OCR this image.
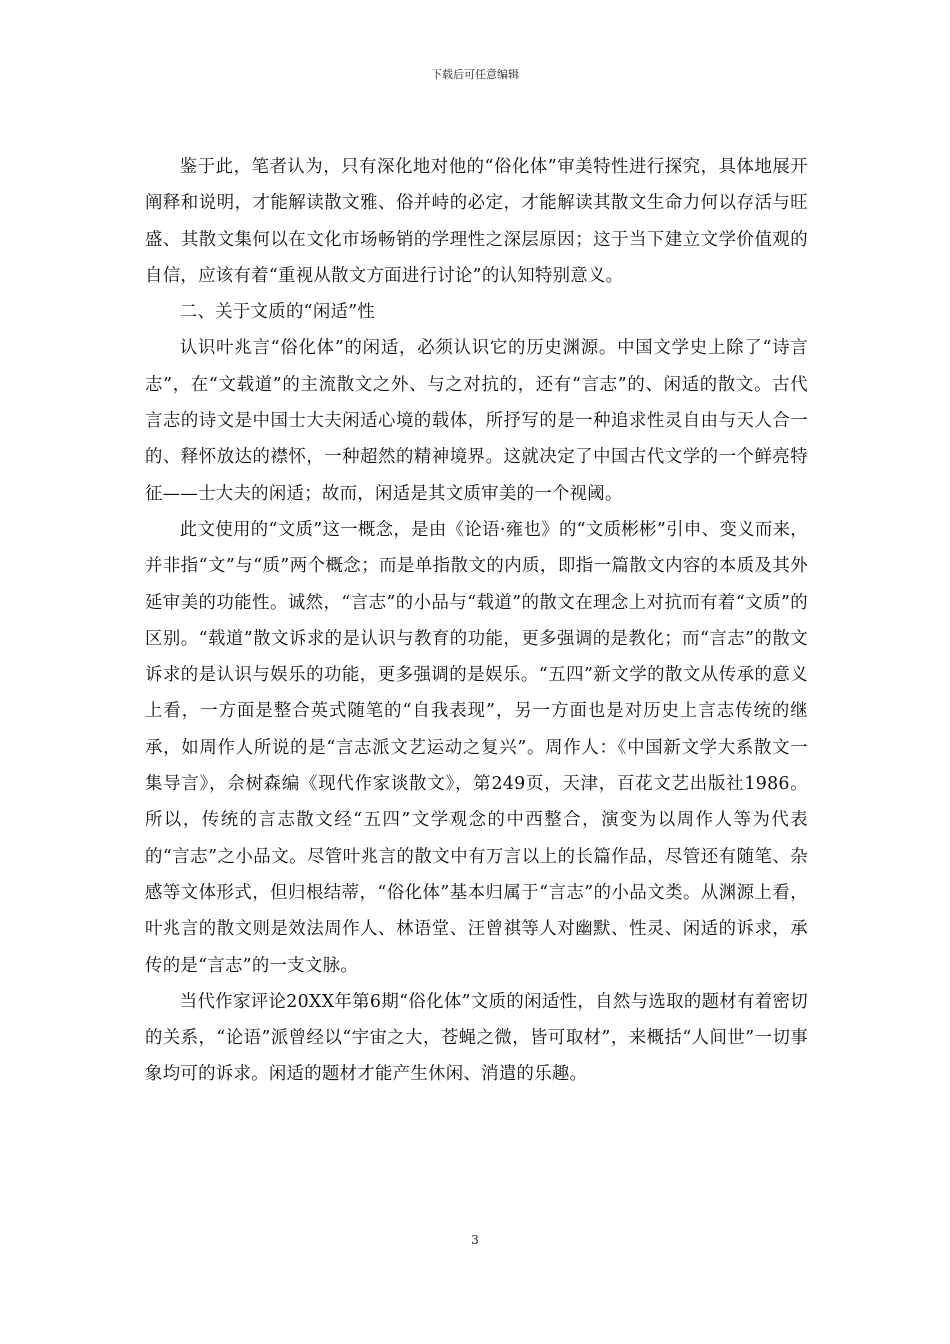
下载后可任意编辑

鉴于此，笔者认为，只有深化地对他的“俗化体”审美特性进行探究，具体地展开阐释和说明，才能解读散文雅、俗并峙的必定，才能解读其散文生命力何以存活与旺盛、其散文集何以在文化市场畅销的学理性之深层原因；这于当下建立文学价值观的自信，应该有着“重视从散文方面进行讨论”的认知特别意义。

二、关于文质的“闲适”性

认识叶兆言“俗化体”的闲适，必须认识它的历史渊源。中国文学史上除了“诗言志”，在“文载道”的主流散文之外、与之对抗的，还有“言志”的、闲适的散文。古代言志的诗文是中国士大夫闲适心境的载体，所抒写的是一种追求性灵自由与天人合一的、释怀放达的襟怀，一种超然的精神境界。这就决定了中国古代文学的一个鲜亮特征——士大夫的闲适；故而，闲适是其文质审美的一个视阈。

此文使用的“文质”这一概念，是由《论语·雍也》的“文质彬彬”引申、变义而来，并非指“文”与“质”两个概念；而是单指散文的内质，即指一篇散文内容的本质及其外延审美的功能性。诚然，“言志”的小品与“载道”的散文在理念上对抗而有着“文质”的区别。“载道”散文诉求的是认识与教育的功能，更多强调的是教化；而“言志”的散文诉求的是认识与娱乐的功能，更多强调的是娱乐。“五四”新文学的散文从传承的意义上看，一方面是整合英式随笔的“自我表现”，另一方面也是对历史上言志传统的继承，如周作人所说的是“言志派文艺运动之复兴”。周作人：《中国新文学大系散文一集导言》，佘树森编《现代作家谈散文》，第249页，天津，百花文艺出版社1986。所以，传统的言志散文经“五四”文学观念的中西整合，演变为以周作人等为代表的“言志”之小品文。尽管叶兆言的散文中有万言以上的长篇作品，尽管还有随笔、杂感等文体形式，但归根结蒂，“俗化体”基本归属于“言志”的小品文类。从渊源上看，叶兆言的散文则是效法周作人、林语堂、汪曾祺等人对幽默、性灵、闲适的诉求，承传的是“言志”的一支文脉。

当代作家评论20XX年第6期“俗化体”文质的闲适性，自然与选取的题材有着密切的关系，“论语”派曾经以“宇宙之大，苍蝇之微，皆可取材”，来概括“人间世”一切事象均可的诉求。闲适的题材才能产生休闲、消遣的乐趣。

3
